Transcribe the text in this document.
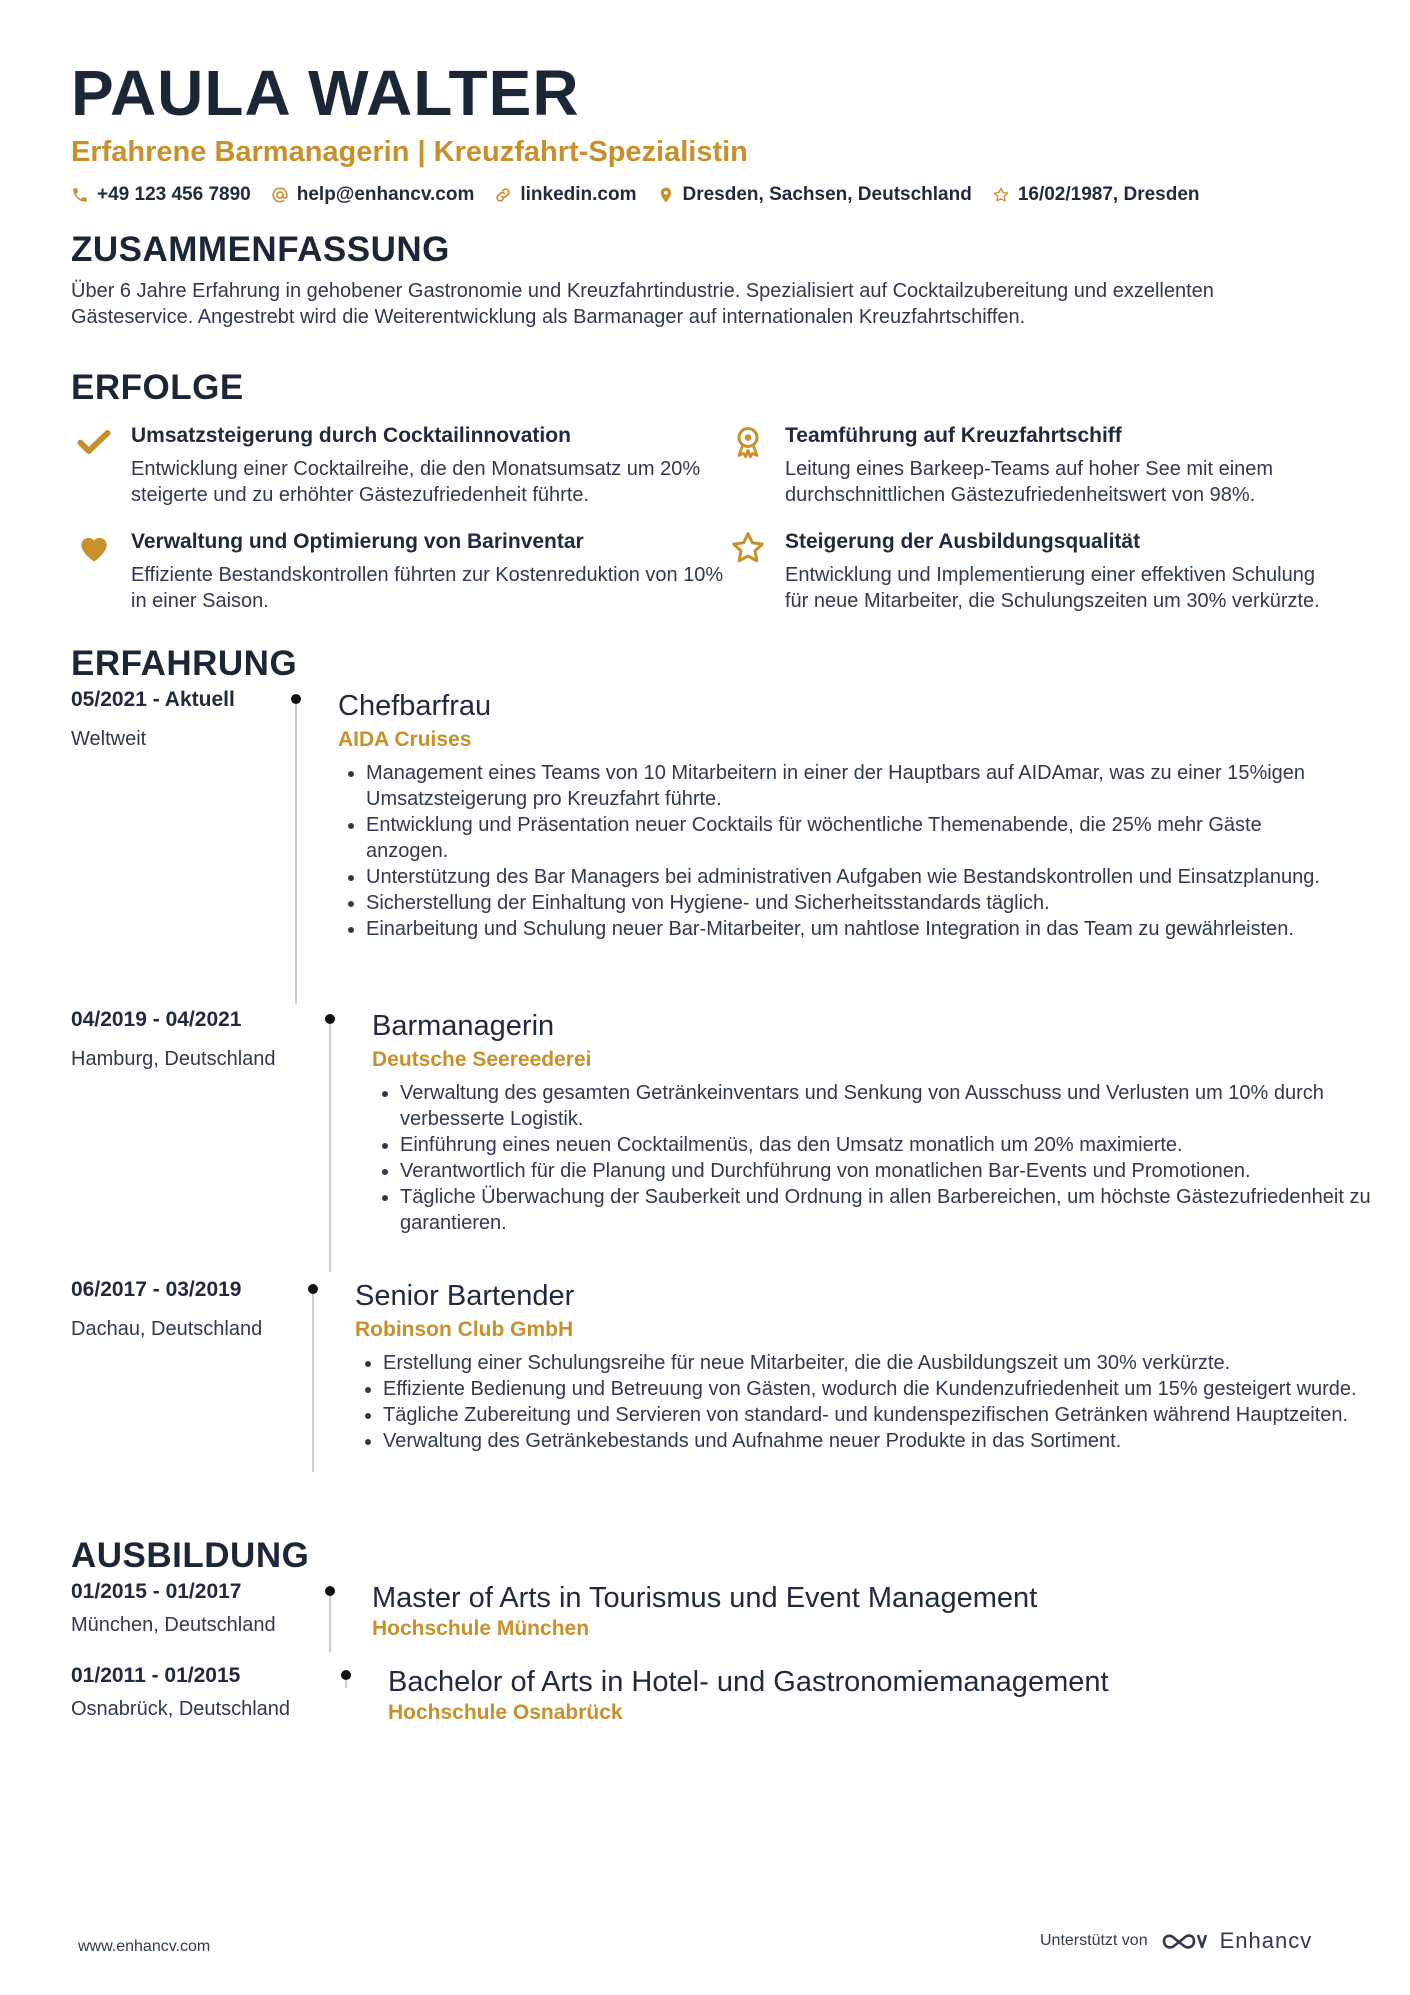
PAULA WALTER
Erfahrene Barmanagerin | Kreuzfahrt-Spezialistin
+49 123 456 7890 help@enhancv.com linkedin.com Dresden, Sachsen, Deutschland 16/02/1987, Dresden
ZUSAMMENFASSUNG
Über 6 Jahre Erfahrung in gehobener Gastronomie und Kreuzfahrtindustrie. Spezialisiert auf Cocktailzubereitung und exzellenten Gästeservice. Angestrebt wird die Weiterentwicklung als Barmanager auf internationalen Kreuzfahrtschiffen.
ERFOLGE
Umsatzsteigerung durch Cocktailinnovation
Entwicklung einer Cocktailreihe, die den Monatsumsatz um 20% steigerte und zu erhöhter Gästezufriedenheit führte.
Teamführung auf Kreuzfahrtschiff
Leitung eines Barkeep-Teams auf hoher See mit einem durchschnittlichen Gästezufriedenheitswert von 98%.
Verwaltung und Optimierung von Barinventar
Effiziente Bestandskontrollen führten zur Kostenreduktion von 10% in einer Saison.
Steigerung der Ausbildungsqualität
Entwicklung und Implementierung einer effektiven Schulung für neue Mitarbeiter, die Schulungszeiten um 30% verkürzte.
ERFAHRUNG
05/2021 - Aktuell
Weltweit
Chefbarfrau
AIDA Cruises
• Management eines Teams von 10 Mitarbeitern in einer der Hauptbars auf AIDAmar, was zu einer 15%igen Umsatzsteigerung pro Kreuzfahrt führte.
• Entwicklung und Präsentation neuer Cocktails für wöchentliche Themenabende, die 25% mehr Gäste anzogen.
• Unterstützung des Bar Managers bei administrativen Aufgaben wie Bestandskontrollen und Einsatzplanung.
• Sicherstellung der Einhaltung von Hygiene- und Sicherheitsstandards täglich.
• Einarbeitung und Schulung neuer Bar-Mitarbeiter, um nahtlose Integration in das Team zu gewährleisten.
04/2019 - 04/2021
Hamburg, Deutschland
Barmanagerin
Deutsche Seereederei
• Verwaltung des gesamten Getränkeinventars und Senkung von Ausschuss und Verlusten um 10% durch verbesserte Logistik.
• Einführung eines neuen Cocktailmenüs, das den Umsatz monatlich um 20% maximierte.
• Verantwortlich für die Planung und Durchführung von monatlichen Bar-Events und Promotionen.
• Tägliche Überwachung der Sauberkeit und Ordnung in allen Barbereichen, um höchste Gästezufriedenheit zu garantieren.
06/2017 - 03/2019
Dachau, Deutschland
Senior Bartender
Robinson Club GmbH
• Erstellung einer Schulungsreihe für neue Mitarbeiter, die die Ausbildungszeit um 30% verkürzte.
• Effiziente Bedienung und Betreuung von Gästen, wodurch die Kundenzufriedenheit um 15% gesteigert wurde.
• Tägliche Zubereitung und Servieren von standard- und kundenspezifischen Getränken während Hauptzeiten.
• Verwaltung des Getränkebestands und Aufnahme neuer Produkte in das Sortiment.
AUSBILDUNG
01/2015 - 01/2017
München, Deutschland
Master of Arts in Tourismus und Event Management
Hochschule München
01/2011 - 01/2015
Osnabrück, Deutschland
Bachelor of Arts in Hotel- und Gastronomiemanagement
Hochschule Osnabrück
www.enhancv.com	Unterstützt von	Enhancv
